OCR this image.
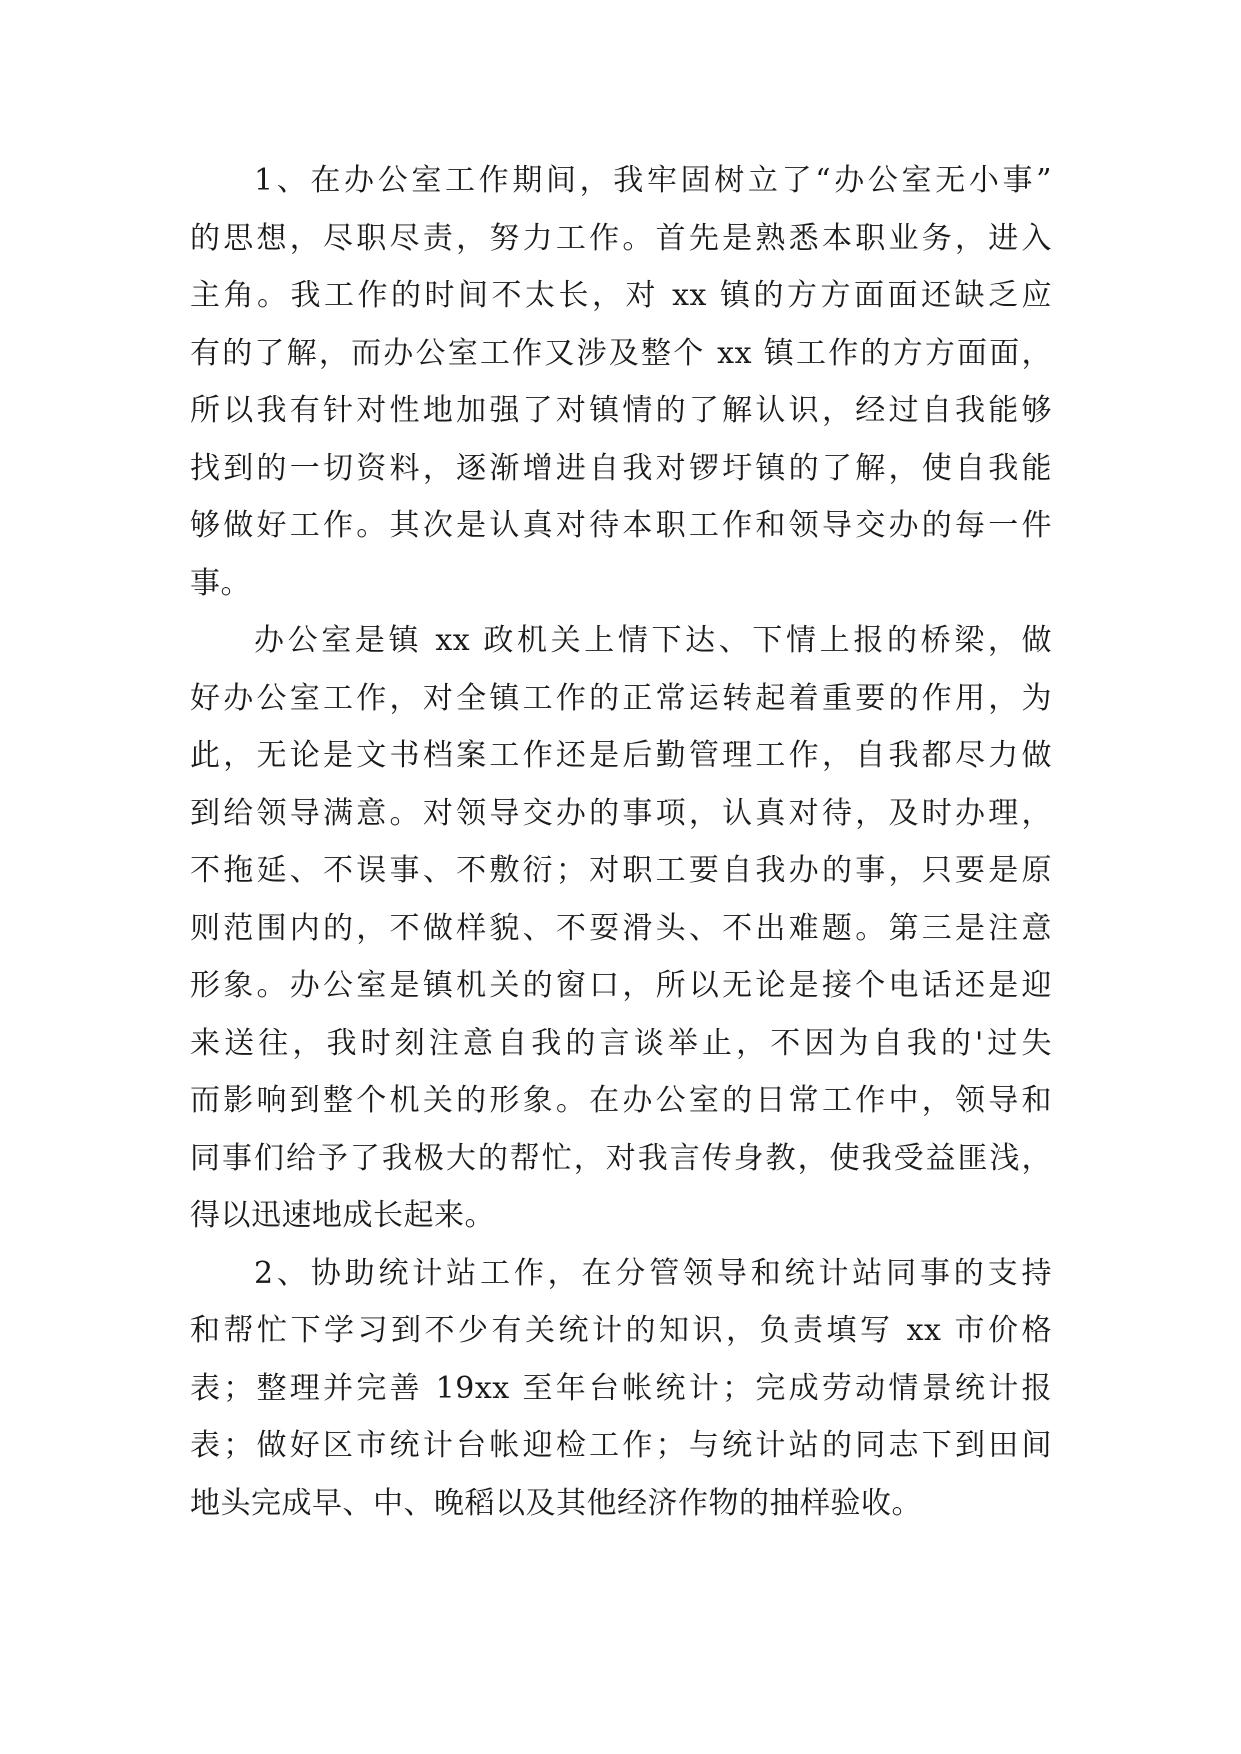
1、在办公室工作期间，我牢固树立了“办公室无小事”
的思想，尽职尽责，努力工作。首先是熟悉本职业务，进入
主角。我工作的时间不太长，对 xx 镇的方方面面还缺乏应
有的了解，而办公室工作又涉及整个 xx 镇工作的方方面面，
所以我有针对性地加强了对镇情的了解认识，经过自我能够
找到的一切资料，逐渐增进自我对锣圩镇的了解，使自我能
够做好工作。其次是认真对待本职工作和领导交办的每一件
事。
办公室是镇 xx 政机关上情下达、下情上报的桥梁，做
好办公室工作，对全镇工作的正常运转起着重要的作用，为
此，无论是文书档案工作还是后勤管理工作，自我都尽力做
到给领导满意。对领导交办的事项，认真对待，及时办理，
不拖延、不误事、不敷衍；对职工要自我办的事，只要是原
则范围内的，不做样貌、不耍滑头、不出难题。第三是注意
形象。办公室是镇机关的窗口，所以无论是接个电话还是迎
来送往，我时刻注意自我的言谈举止，不因为自我的'过失
而影响到整个机关的形象。在办公室的日常工作中，领导和
同事们给予了我极大的帮忙，对我言传身教，使我受益匪浅，
得以迅速地成长起来。
2、协助统计站工作，在分管领导和统计站同事的支持
和帮忙下学习到不少有关统计的知识，负责填写 xx 市价格
表；整理并完善 19xx 至年台帐统计；完成劳动情景统计报
表；做好区市统计台帐迎检工作；与统计站的同志下到田间
地头完成早、中、晚稻以及其他经济作物的抽样验收。
